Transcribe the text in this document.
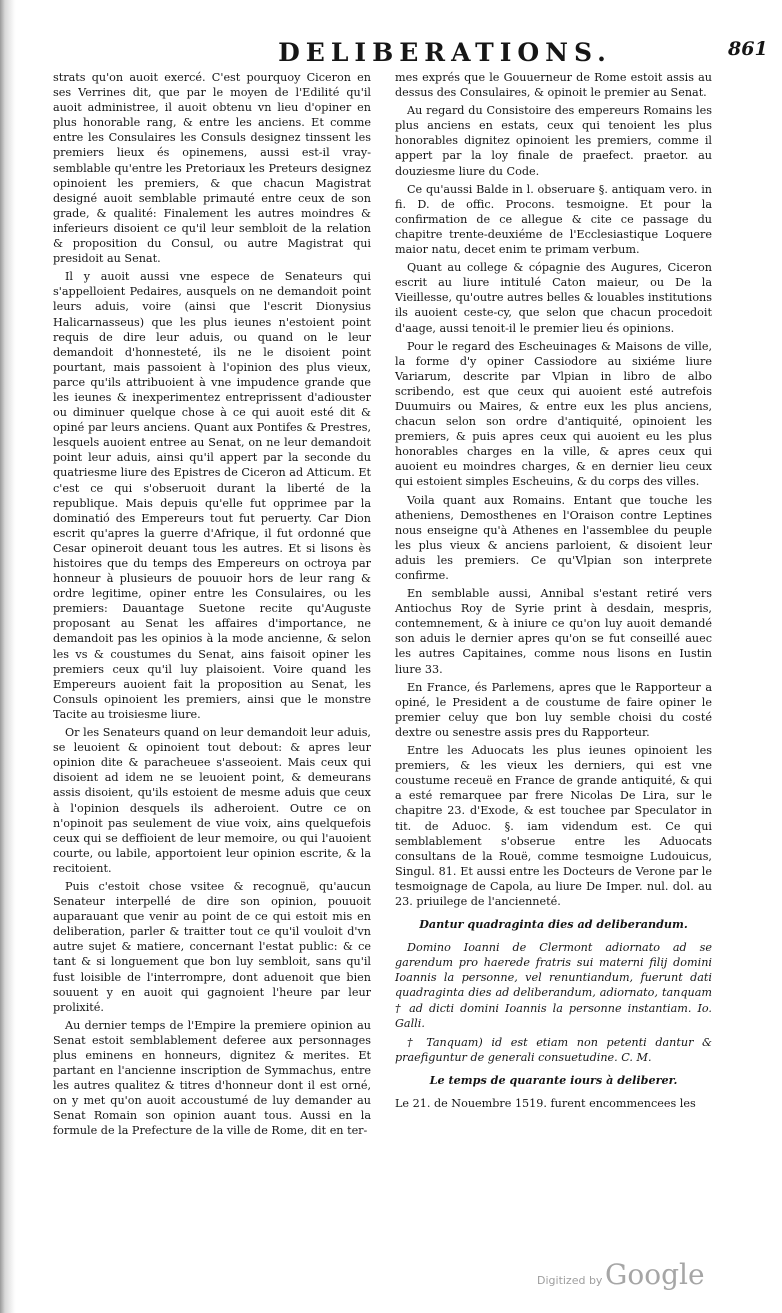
DELIBERATIONS.	861

strats qu'on auoit exercé. C'est pourquoy Ciceron en ses Verrines dit, que par le moyen de l'Edilité qu'il auoit administree, il auoit obtenu vn lieu d'opiner en plus honorable rang, & entre les anciens. Et comme entre les Consulaires les Consuls designez tinssent les premiers lieux és opinemens, aussi est-il vray-semblable qu'entre les Pretoriaux les Preteurs designez opinoient les premiers, & que chacun Magistrat designé auoit semblable primauté entre ceux de son grade, & qualité: Finalement les autres moindres & inferieurs disoient ce qu'il leur sembloit de la relation & proposition du Consul, ou autre Magistrat qui presidoit au Senat.

Il y auoit aussi vne espece de Senateurs qui s'appelloient Pedaires, ausquels on ne demandoit point leurs aduis, voire (ainsi que l'escrit Dionysius Halicarnasseus) que les plus ieunes n'estoient point requis de dire leur aduis, ou quand on le leur demandoit d'honnesteté, ils ne le disoient point pourtant, mais passoient à l'opinion des plus vieux, parce qu'ils attribuoient à vne impudence grande que les ieunes & inexperimentez entreprissent d'adiouster ou diminuer quelque chose à ce qui auoit esté dit & opiné par leurs anciens. Quant aux Pontifes & Prestres, lesquels auoient entree au Senat, on ne leur demandoit point leur aduis, ainsi qu'il appert par la seconde du quatriesme liure des Epistres de Ciceron ad Atticum. Et c'est ce qui s'obseruoit durant la liberté de la republique. Mais depuis qu'elle fut opprimee par la dominatió des Empereurs tout fut peruerty. Car Dion escrit qu'apres la guerre d'Afrique, il fut ordonné que Cesar opineroit deuant tous les autres. Et si lisons ès histoires que du temps des Empereurs on octroya par honneur à plusieurs de pouuoir hors de leur rang & ordre legitime, opiner entre les Consulaires, ou les premiers: Dauantage Suetone recite qu'Auguste proposant au Senat les affaires d'importance, ne demandoit pas les opinios à la mode ancienne, & selon les vs & coustumes du Senat, ains faisoit opiner les premiers ceux qu'il luy plaisoient. Voire quand les Empereurs auoient fait la proposition au Senat, les Consuls opinoient les premiers, ainsi que le monstre Tacite au troisiesme liure.

Or les Senateurs quand on leur demandoit leur aduis, se leuoient & opinoient tout debout: & apres leur opinion dite & paracheuee s'asseoient. Mais ceux qui disoient ad idem ne se leuoient point, & demeurans assis disoient, qu'ils estoient de mesme aduis que ceux à l'opinion desquels ils adheroient. Outre ce on n'opinoit pas seulement de viue voix, ains quelquefois ceux qui se deffioient de leur memoire, ou qui l'auoient courte, ou labile, apportoient leur opinion escrite, & la recitoient.

Puis c'estoit chose vsitee & recognuë, qu'aucun Senateur interpellé de dire son opinion, pouuoit auparauant que venir au point de ce qui estoit mis en deliberation, parler & traitter tout ce qu'il vouloit d'vn autre sujet & matiere, concernant l'estat public: & ce tant & si longuement que bon luy sembloit, sans qu'il fust loisible de l'interrompre, dont aduenoit que bien souuent y en auoit qui gagnoient l'heure par leur prolixité.

Au dernier temps de l'Empire la premiere opinion au Senat estoit semblablement deferee aux personnages plus eminens en honneurs, dignitez & merites. Et partant en l'ancienne inscription de Symmachus, entre les autres qualitez & titres d'honneur dont il est orné, on y met qu'on auoit accoustumé de luy demander au Senat Romain son opinion auant tous. Aussi en la formule de la Prefecture de la ville de Rome, dit en ter-

mes exprés que le Gouuerneur de Rome estoit assis au dessus des Consulaires, & opinoit le premier au Senat.

Au regard du Consistoire des empereurs Romains les plus anciens en estats, ceux qui tenoient les plus honorables dignitez opinoient les premiers, comme il appert par la loy finale de praefect. praetor. au douziesme liure du Code.

Ce qu'aussi Balde in l. obseruare §. antiquam vero. in fi. D. de offic. Procons. tesmoigne. Et pour la confirmation de ce allegue & cite ce passage du chapitre trente-deuxiéme de l'Ecclesiastique Loquere maior natu, decet enim te primam verbum.

Quant au college & cópagnie des Augures, Ciceron escrit au liure intitulé Caton maieur, ou De la Vieillesse, qu'outre autres belles & louables institutions ils auoient ceste-cy, que selon que chacun procedoit d'aage, aussi tenoit-il le premier lieu és opinions.

Pour le regard des Escheuinages & Maisons de ville, la forme d'y opiner Cassiodore au sixiéme liure Variarum, descrite par Vlpian in libro de albo scribendo, est que ceux qui auoient esté autrefois Duumuirs ou Maires, & entre eux les plus anciens, chacun selon son ordre d'antiquité, opinoient les premiers, & puis apres ceux qui auoient eu les plus honorables charges en la ville, & apres ceux qui auoient eu moindres charges, & en dernier lieu ceux qui estoient simples Escheuins, & du corps des villes.

Voila quant aux Romains. Entant que touche les atheniens, Demosthenes en l'Oraison contre Leptines nous enseigne qu'à Athenes en l'assemblee du peuple les plus vieux & anciens parloient, & disoient leur aduis les premiers. Ce qu'Vlpian son interprete confirme.

En semblable aussi, Annibal s'estant retiré vers Antiochus Roy de Syrie print à desdain, mespris, contemnement, & à iniure ce qu'on luy auoit demandé son aduis le dernier apres qu'on se fut conseillé auec les autres Capitaines, comme nous lisons en Iustin liure 33.

En France, és Parlemens, apres que le Rapporteur a opiné, le President a de coustume de faire opiner le premier celuy que bon luy semble choisi du costé dextre ou senestre assis pres du Rapporteur.

Entre les Aduocats les plus ieunes opinoient les premiers, & les vieux les derniers, qui est vne coustume receuë en France de grande antiquité, & qui a esté remarquee par frere Nicolas De Lira, sur le chapitre 23. d'Exode, & est touchee par Speculator in tit. de Aduoc. §. iam videndum est. Ce qui semblablement s'obserue entre les Aduocats consultans de la Rouë, comme tesmoigne Ludouicus, Singul. 81. Et aussi entre les Docteurs de Verone par le tesmoignage de Capola, au liure De Imper. nul. dol. au 23. priuilege de l'ancienneté.

Dantur quadraginta dies ad deliberandum.

Domino Ioanni de Clermont adiornato ad se garendum pro haerede fratris sui materni filij domini Ioannis la personne, vel renuntiandum, fuerunt dati quadraginta dies ad deliberandum, adiornato, tanquam † ad dicti domini Ioannis la personne instantiam. Io. Galli.

† Tanquam) id est etiam non petenti dantur & praefiguntur de generali consuetudine. C. M.

Le temps de quarante iours à deliberer.

Le 21. de Nouembre 1519. furent encommencees les

Digitized by Google
